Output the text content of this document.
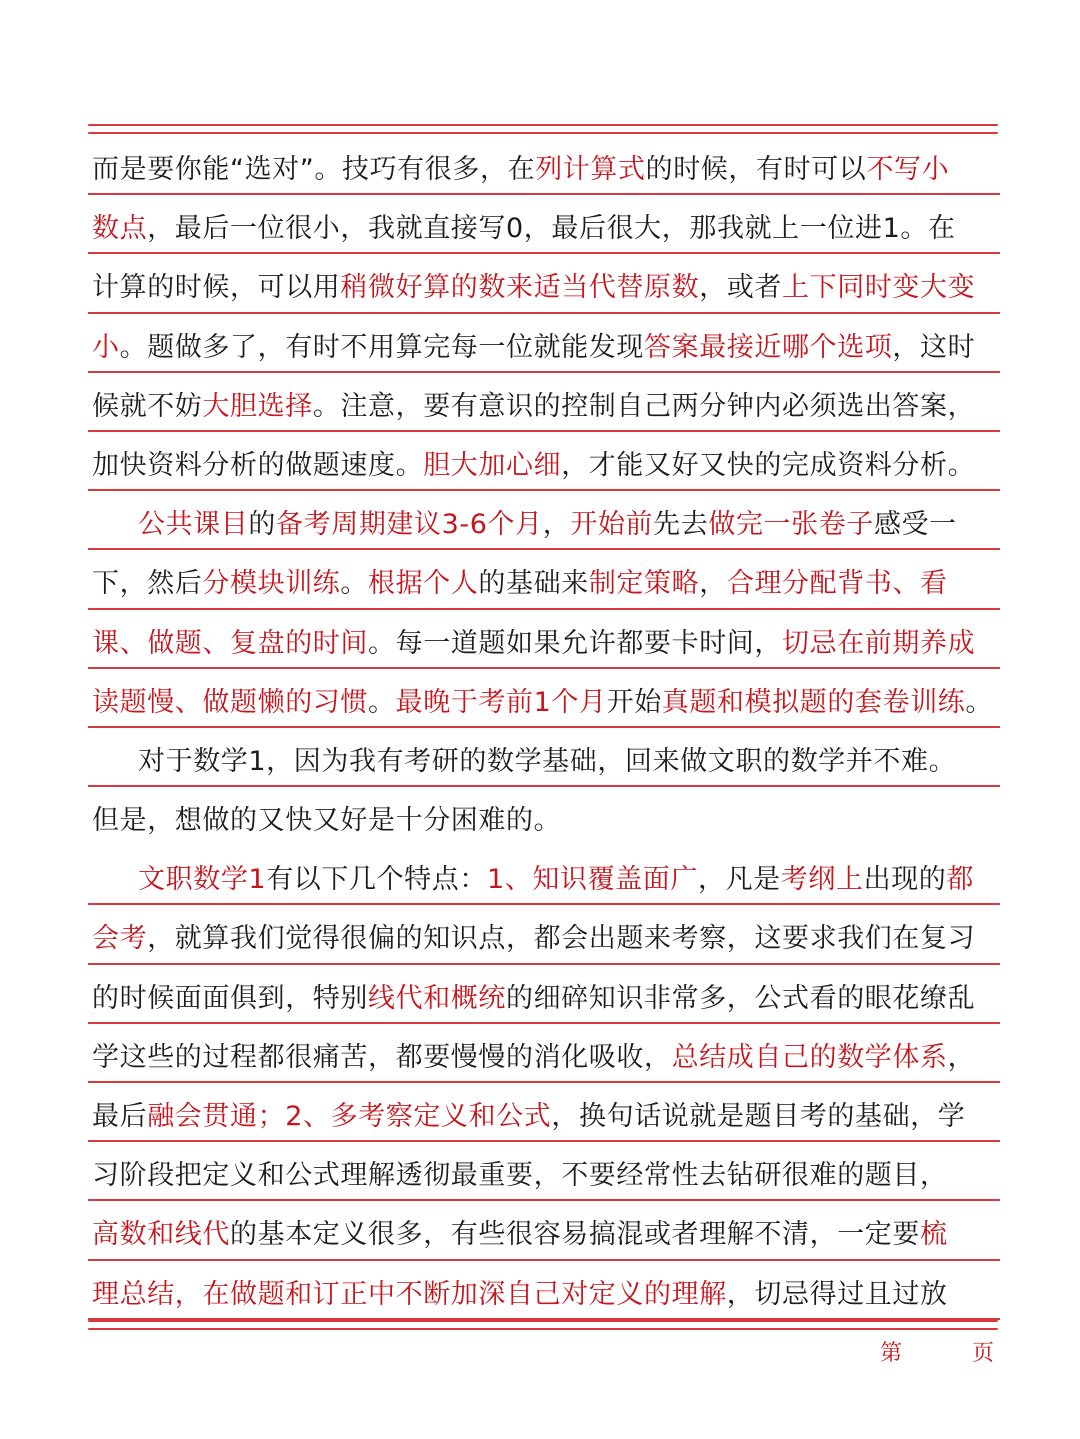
而是要你能“选对”。技巧有很多，在列计算式的时候，有时可以不写小
数点，最后一位很小，我就直接写0，最后很大，那我就上一位进1。在
计算的时候，可以用稍微好算的数来适当代替原数，或者上下同时变大变
小。题做多了，有时不用算完每一位就能发现答案最接近哪个选项，这时
候就不妨大胆选择。注意，要有意识的控制自己两分钟内必须选出答案，
加快资料分析的做题速度。胆大加心细，才能又好又快的完成资料分析。
公共课目的备考周期建议3-6个月，开始前先去做完一张卷子感受一
下，然后分模块训练。根据个人的基础来制定策略，合理分配背书、看
课、做题、复盘的时间。每一道题如果允许都要卡时间，切忌在前期养成
读题慢、做题懒的习惯。最晚于考前1个月开始真题和模拟题的套卷训练。
对于数学1，因为我有考研的数学基础，回来做文职的数学并不难。
但是，想做的又快又好是十分困难的。
文职数学1有以下几个特点：1、知识覆盖面广，凡是考纲上出现的都
会考，就算我们觉得很偏的知识点，都会出题来考察，这要求我们在复习
的时候面面俱到，特别线代和概统的细碎知识非常多，公式看的眼花缭乱
学这些的过程都很痛苦，都要慢慢的消化吸收，总结成自己的数学体系，
最后融会贯通；2、多考察定义和公式，换句话说就是题目考的基础，学
习阶段把定义和公式理解透彻最重要，不要经常性去钻研很难的题目，
高数和线代的基本定义很多，有些很容易搞混或者理解不清，一定要梳
理总结，在做题和订正中不断加深自己对定义的理解，切忌得过且过放
第	页
